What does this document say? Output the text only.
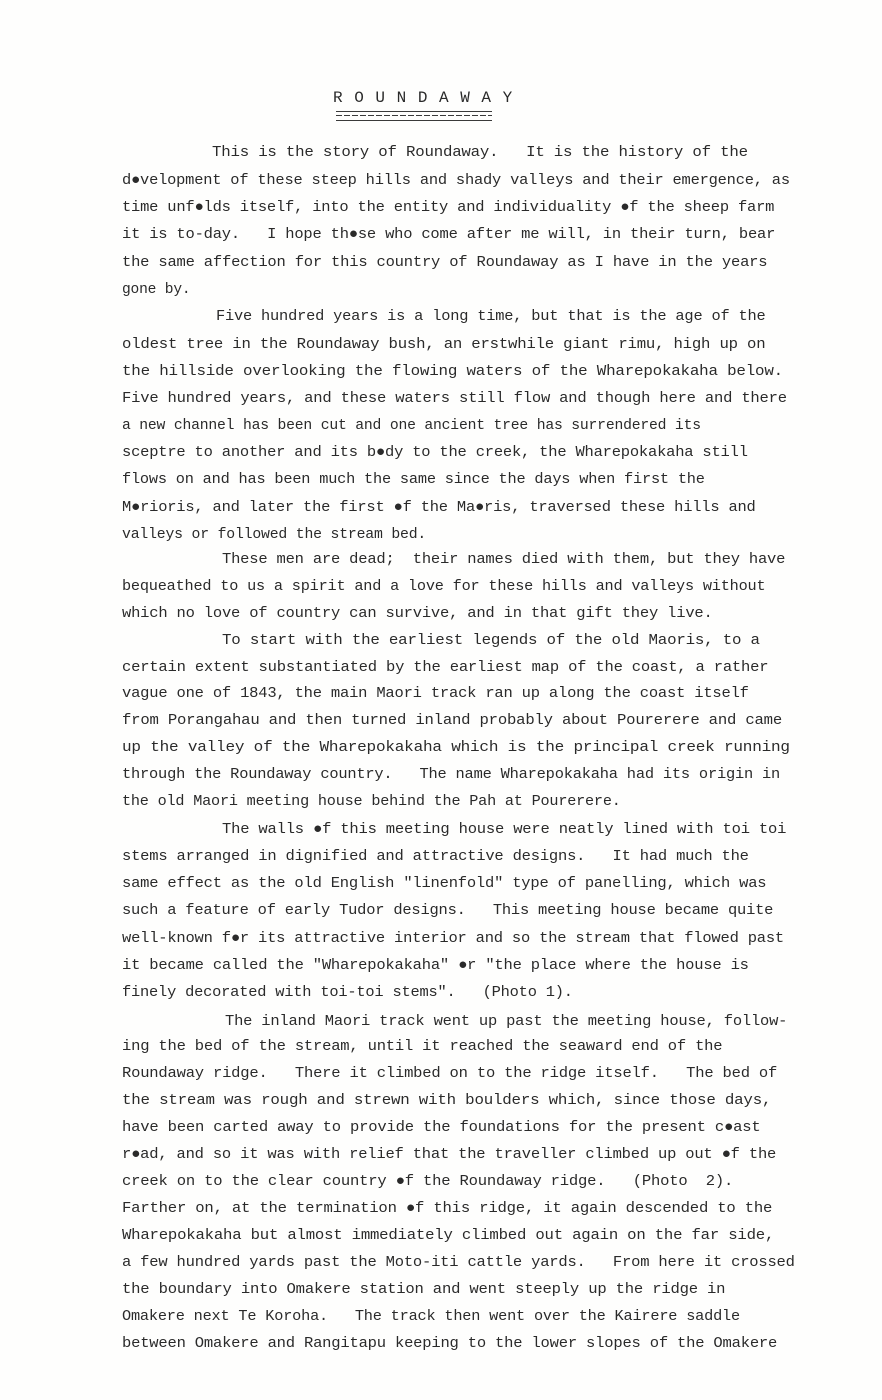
R O U N D A W A Y
This is the story of Roundaway.   It is the history of the
d●velopment of these steep hills and shady valleys and their emergence, as
time unf●lds itself, into the entity and individuality ●f the sheep farm
it is to-day.   I hope th●se who come after me will, in their turn, bear
the same affection for this country of Roundaway as I have in the years
gone by.
Five hundred years is a long time, but that is the age of the
oldest tree in the Roundaway bush, an erstwhile giant rimu, high up on
the hillside overlooking the flowing waters of the Wharepokakaha below.
Five hundred years, and these waters still flow and though here and there
a new channel has been cut and one ancient tree has surrendered its
sceptre to another and its b●dy to the creek, the Wharepokakaha still
flows on and has been much the same since the days when first the
M●rioris, and later the first ●f the Ma●ris, traversed these hills and
valleys or followed the stream bed.
These men are dead;  their names died with them, but they have
bequeathed to us a spirit and a love for these hills and valleys without
which no love of country can survive, and in that gift they live.
To start with the earliest legends of the old Maoris, to a
certain extent substantiated by the earliest map of the coast, a rather
vague one of 1843, the main Maori track ran up along the coast itself
from Porangahau and then turned inland probably about Pourerere and came
up the valley of the Wharepokakaha which is the principal creek running
through the Roundaway country.   The name Wharepokakaha had its origin in
the old Maori meeting house behind the Pah at Pourerere.
The walls ●f this meeting house were neatly lined with toi toi
stems arranged in dignified and attractive designs.   It had much the
same effect as the old English "linenfold" type of panelling, which was
such a feature of early Tudor designs.   This meeting house became quite
well-known f●r its attractive interior and so the stream that flowed past
it became called the "Wharepokakaha" ●r "the place where the house is
finely decorated with toi-toi stems".   (Photo 1).
The inland Maori track went up past the meeting house, follow-
ing the bed of the stream, until it reached the seaward end of the
Roundaway ridge.   There it climbed on to the ridge itself.   The bed of
the stream was rough and strewn with boulders which, since those days,
have been carted away to provide the foundations for the present c●ast
r●ad, and so it was with relief that the traveller climbed up out ●f the
creek on to the clear country ●f the Roundaway ridge.   (Photo  2).
Farther on, at the termination ●f this ridge, it again descended to the
Wharepokakaha but almost immediately climbed out again on the far side,
a few hundred yards past the Moto-iti cattle yards.   From here it crossed
the boundary into Omakere station and went steeply up the ridge in
Omakere next Te Koroha.   The track then went over the Kairere saddle
between Omakere and Rangitapu keeping to the lower slopes of the Omakere
